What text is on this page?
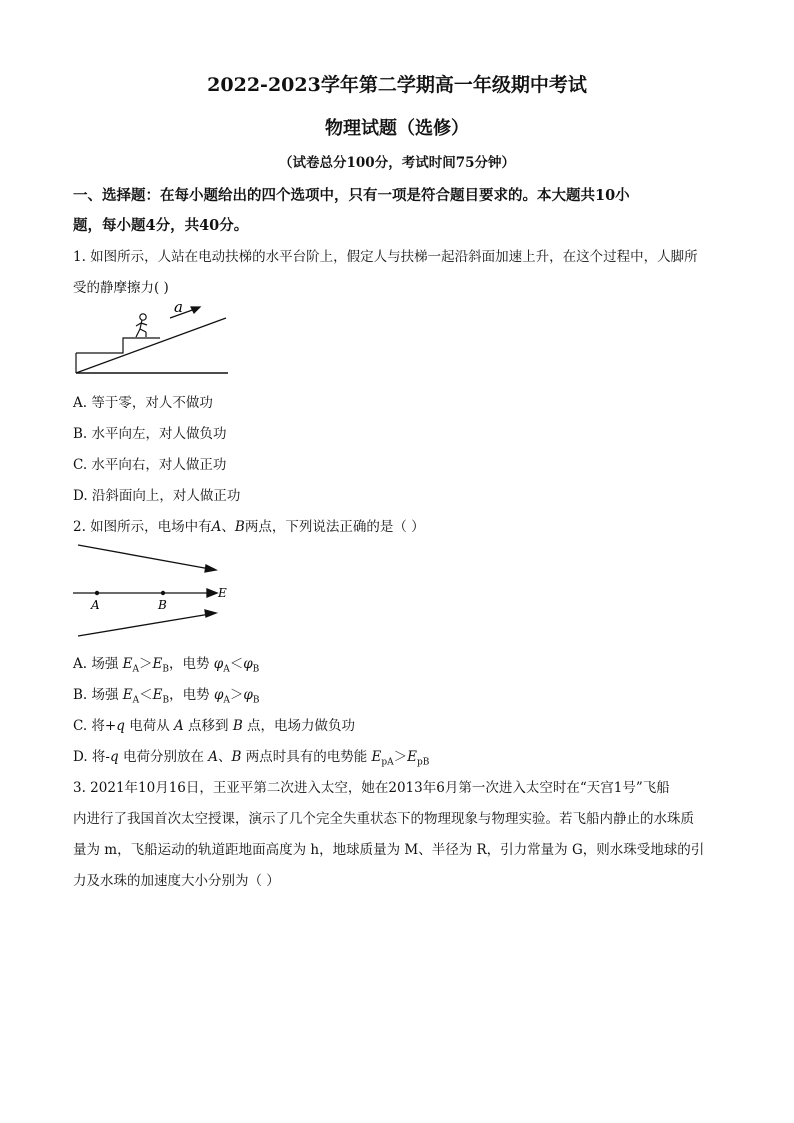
2022-2023学年第二学期高一年级期中考试
物理试题（选修）
（试卷总分100分，考试时间75分钟）
一、选择题：在每小题给出的四个选项中，只有一项是符合题目要求的。本大题共10小
题，每小题4分，共40分。
1. 如图所示，人站在电动扶梯的水平台阶上，假定人与扶梯一起沿斜面加速上升，在这个过程中，人脚所
受的静摩擦力( )
a
A. 等于零，对人不做功
B. 水平向左，对人做负功
C. 水平向右，对人做正功
D. 沿斜面向上，对人做正功
2. 如图所示，电场中有A、B两点，下列说法正确的是（ ）
A	B
E
A. 场强 $E_A>E_B$，电势 $\varphi_A<\varphi_B$
B. 场强 $E_A<E_B$，电势 $\varphi_A>\varphi_B$
C. 将+q 电荷从 A 点移到 B 点，电场力做负功
D. 将-q 电荷分别放在 A、B 两点时具有的电势能 $E_{pA}>E_{pB}$
3. 2021年10月16日，王亚平第二次进入太空，她在2013年6月第一次进入太空时在“天宫1号”飞船
内进行了我国首次太空授课，演示了几个完全失重状态下的物理现象与物理实验。若飞船内静止的水珠质
量为 m，飞船运动的轨道距地面高度为 h，地球质量为 M、半径为 R，引力常量为 G，则水珠受地球的引
力及水珠的加速度大小分别为（ ）
